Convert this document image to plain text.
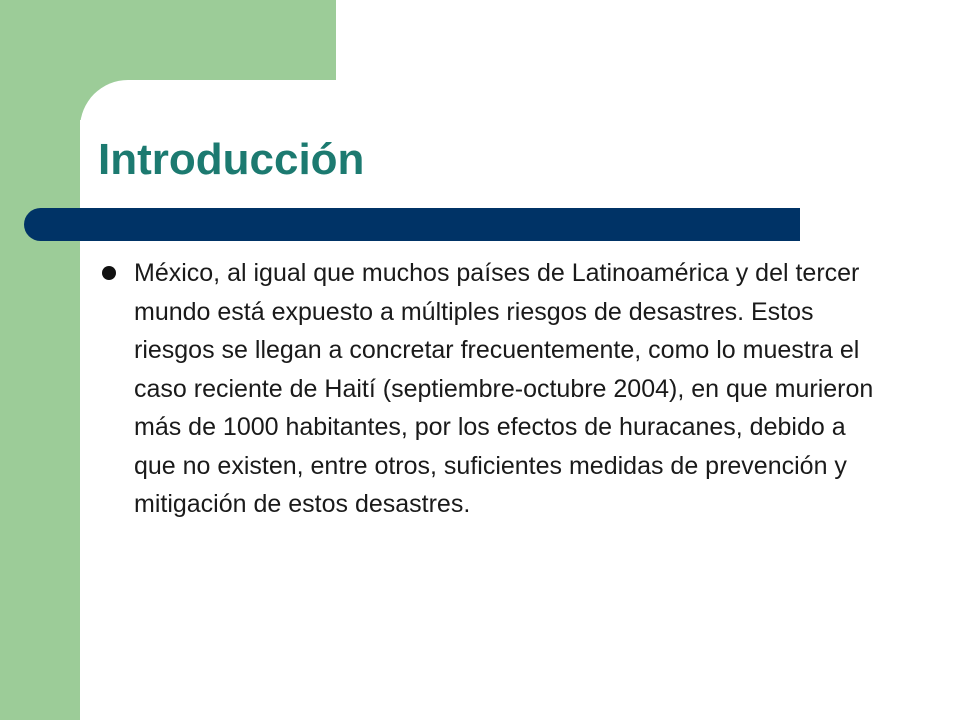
Introducción
México, al igual que muchos países de Latinoamérica y del tercer mundo está expuesto a múltiples riesgos de desastres. Estos riesgos se llegan a concretar frecuentemente, como lo muestra el caso reciente de Haití (septiembre-octubre 2004), en que murieron más de 1000 habitantes, por los efectos de huracanes, debido a que no existen, entre otros, suficientes medidas de prevención y mitigación de estos desastres.
